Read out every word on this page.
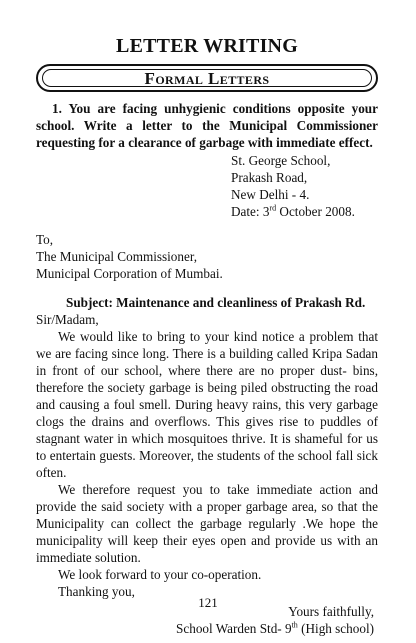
LETTER WRITING
Formal Letters

1. You are facing unhygienic conditions opposite your school. Write a letter to the Municipal Commissioner requesting for a clearance of garbage with immediate effect.

St. George School,
Prakash Road,
New Delhi - 4.
Date: 3rd October 2008.
To,
The Municipal Commissioner,
Municipal Corporation of Mumbai.
Subject: Maintenance and cleanliness of Prakash Rd.
Sir/Madam,

We would like to bring to your kind notice a problem that we are facing since long. There is a building called Kripa Sadan in front of our school, where there are no proper dust- bins, therefore the society garbage is being piled obstructing the road and causing a foul smell. During heavy rains, this very garbage clogs the drains and overflows. This gives rise to puddles of stagnant water in which mosquitoes thrive. It is shameful for us to entertain guests. Moreover, the students of the school fall sick often.

We therefore request you to take immediate action and provide the said society with a proper garbage area, so that the Municipality can collect the garbage regularly .We hope the municipality will keep their eyes open and provide us with an immediate solution.

We look forward to your co-operation.

Thanking you,
Yours faithfully,
School Warden Std- 9th (High school)
121
